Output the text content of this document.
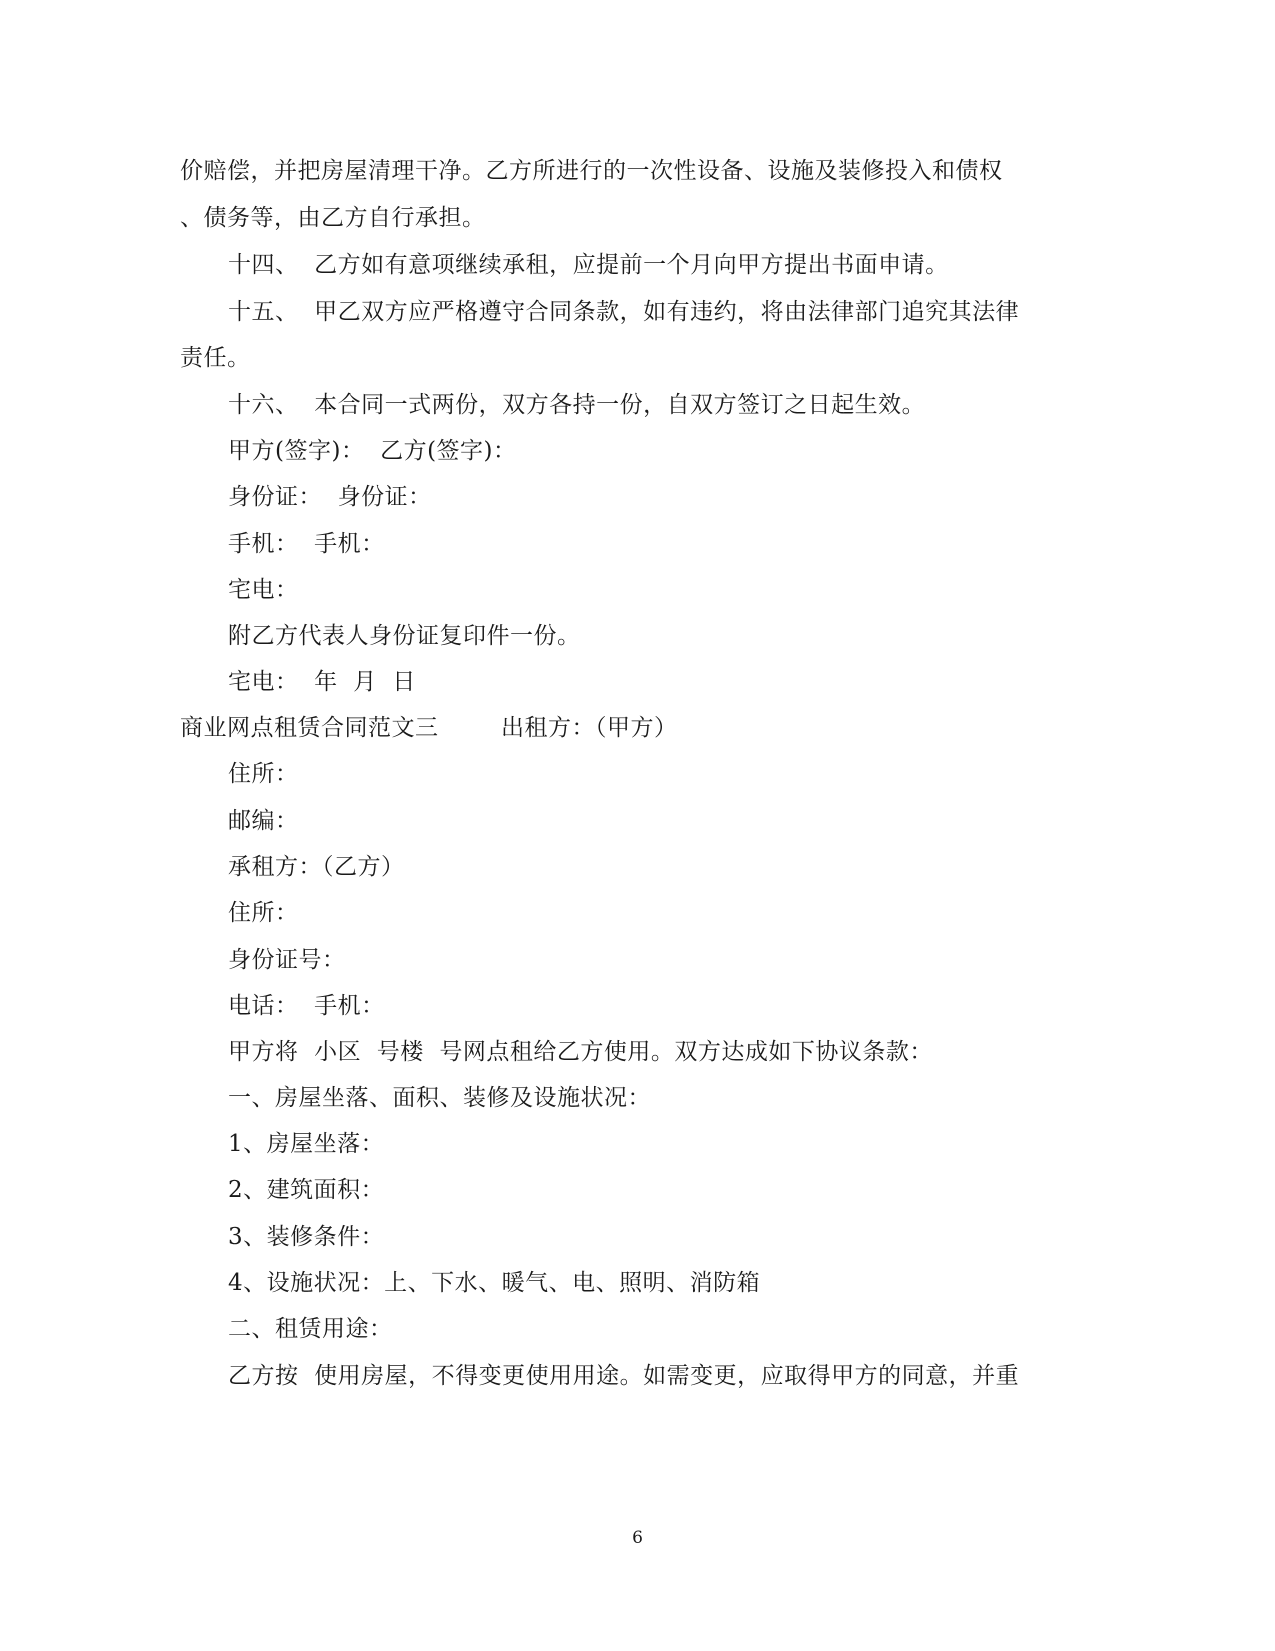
价赔偿，并把房屋清理干净。乙方所进行的一次性设备、设施及装修投入和债权
、债务等，由乙方自行承担。
十四、  乙方如有意项继续承租，应提前一个月向甲方提出书面申请。
十五、  甲乙双方应严格遵守合同条款，如有违约，将由法律部门追究其法律
责任。
十六、  本合同一式两份，双方各持一份，自双方签订之日起生效。
甲方(签字)：  乙方(签字)：
身份证：  身份证：
手机：  手机：
宅电：
附乙方代表人身份证复印件一份。
宅电：  年  月  日
商业网点租赁合同范文三        出租方：（甲方）
住所：
邮编：
承租方：（乙方）
住所：
身份证号：
电话：  手机：
甲方将  小区  号楼  号网点租给乙方使用。双方达成如下协议条款：
一、房屋坐落、面积、装修及设施状况：
1、房屋坐落：
2、建筑面积：
3、装修条件：
4、设施状况：上、下水、暖气、电、照明、消防箱
二、租赁用途：
乙方按  使用房屋，不得变更使用用途。如需变更，应取得甲方的同意，并重
6
